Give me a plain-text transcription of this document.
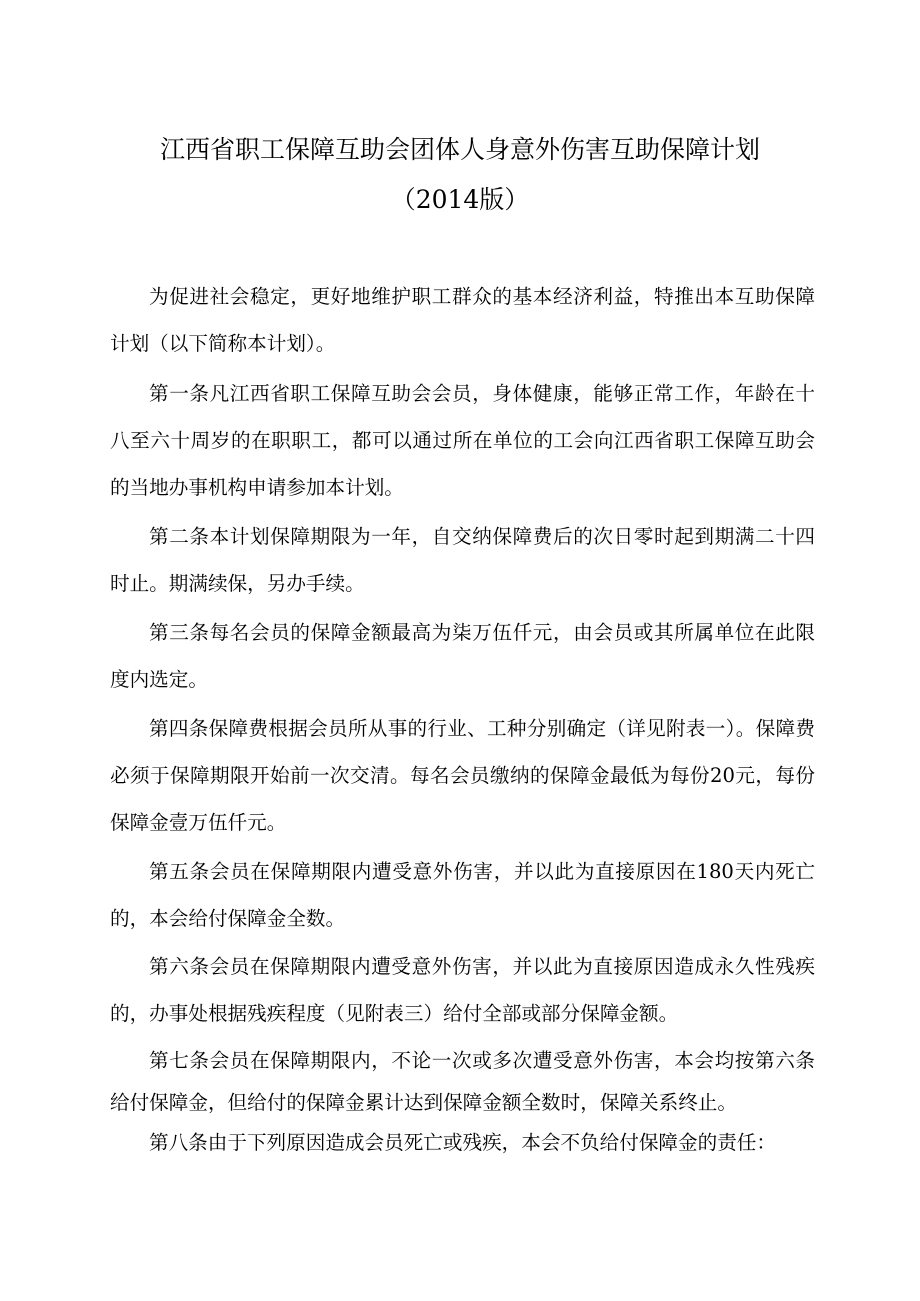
江西省职工保障互助会团体人身意外伤害互助保障计划
（2014版）

为促进社会稳定，更好地维护职工群众的基本经济利益，特推出本互助保障计划（以下简称本计划）。

第一条凡江西省职工保障互助会会员，身体健康，能够正常工作，年龄在十八至六十周岁的在职职工，都可以通过所在单位的工会向江西省职工保障互助会的当地办事机构申请参加本计划。

第二条本计划保障期限为一年，自交纳保障费后的次日零时起到期满二十四时止。期满续保，另办手续。

第三条每名会员的保障金额最高为柒万伍仟元，由会员或其所属单位在此限度内选定。

第四条保障费根据会员所从事的行业、工种分别确定（详见附表一）。保障费必须于保障期限开始前一次交清。每名会员缴纳的保障金最低为每份20元，每份保障金壹万伍仟元。

第五条会员在保障期限内遭受意外伤害，并以此为直接原因在180天内死亡的，本会给付保障金全数。

第六条会员在保障期限内遭受意外伤害，并以此为直接原因造成永久性残疾的，办事处根据残疾程度（见附表三）给付全部或部分保障金额。

第七条会员在保障期限内，不论一次或多次遭受意外伤害，本会均按第六条给付保障金，但给付的保障金累计达到保障金额全数时，保障关系终止。

第八条由于下列原因造成会员死亡或残疾，本会不负给付保障金的责任：
